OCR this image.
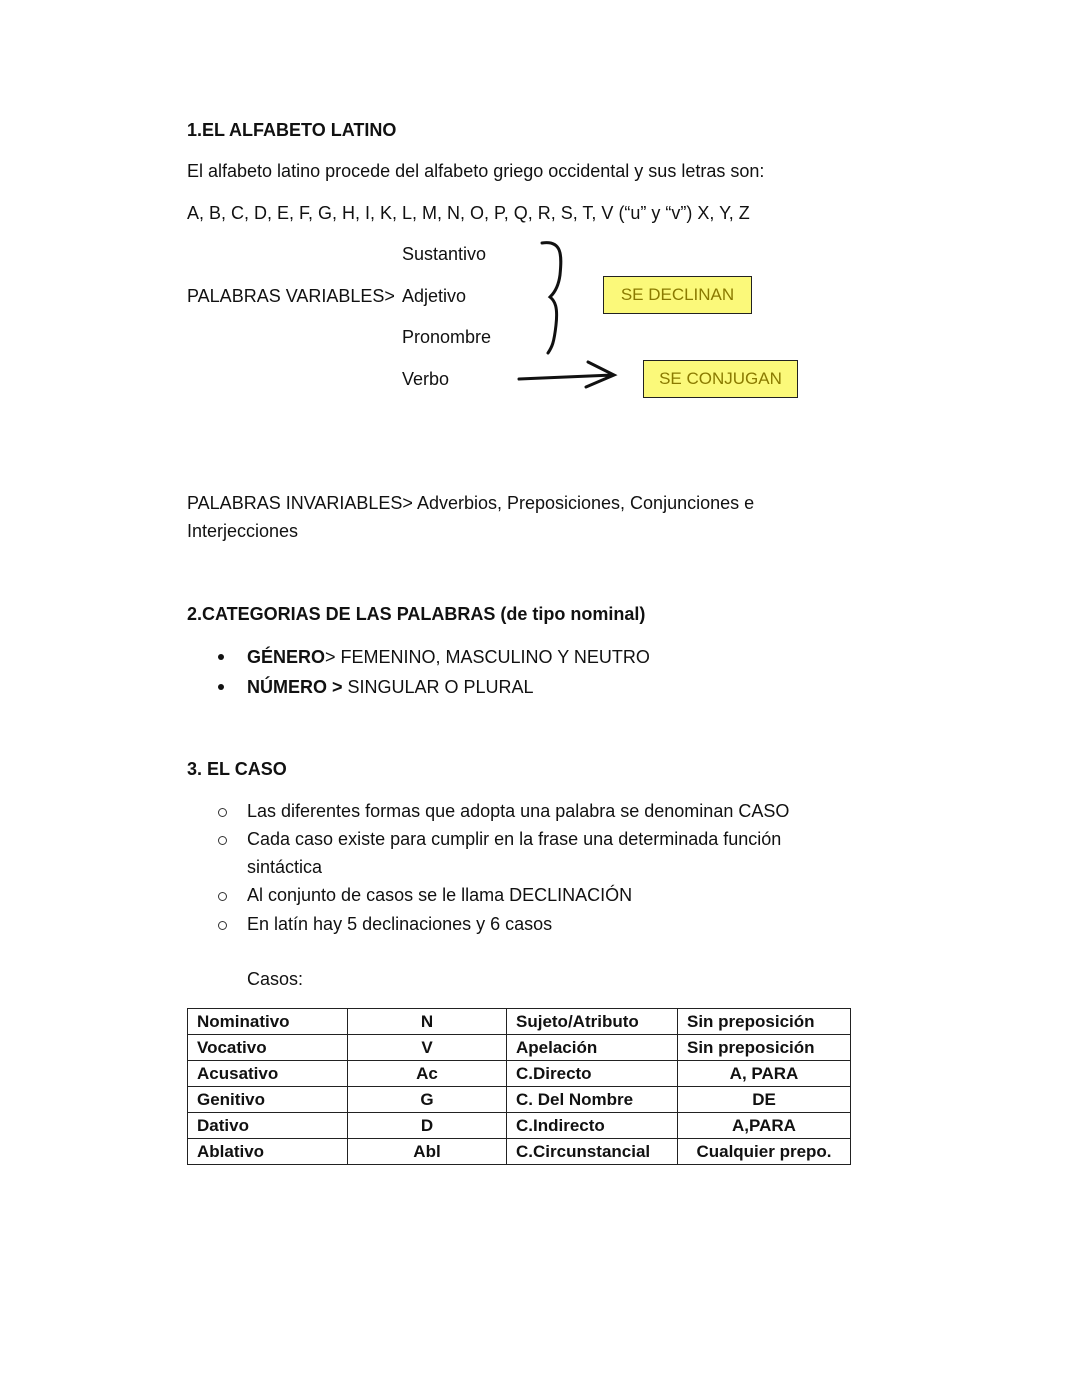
1.EL ALFABETO LATINO
El alfabeto latino procede del alfabeto griego occidental y sus letras son:
A, B, C, D, E, F, G, H, I, K, L, M, N, O, P, Q, R, S, T, V (“u” y “v”) X, Y, Z
PALABRAS VARIABLES>
Sustantivo
Adjetivo
Pronombre
Verbo
SE DECLINAN
SE CONJUGAN
PALABRAS INVARIABLES> Adverbios, Preposiciones, Conjunciones e
Interjecciones
2.CATEGORIAS DE LAS PALABRAS (de tipo nominal)
GÉNERO> FEMENINO, MASCULINO Y NEUTRO
NÚMERO > SINGULAR O PLURAL
3. EL CASO
Las diferentes formas que adopta una palabra se denominan CASO
Cada caso existe para cumplir en la frase una determinada función
sintáctica
Al conjunto de casos se le llama DECLINACIÓN
En latín hay 5 declinaciones y 6 casos
Casos:
Nominativo	N	Sujeto/Atributo	Sin preposición
Vocativo	V	Apelación	Sin preposición
Acusativo	Ac	C.Directo	A, PARA
Genitivo	G	C. Del Nombre	DE
Dativo	D	C.Indirecto	A,PARA
Ablativo	Abl	C.Circunstancial	Cualquier prepo.
